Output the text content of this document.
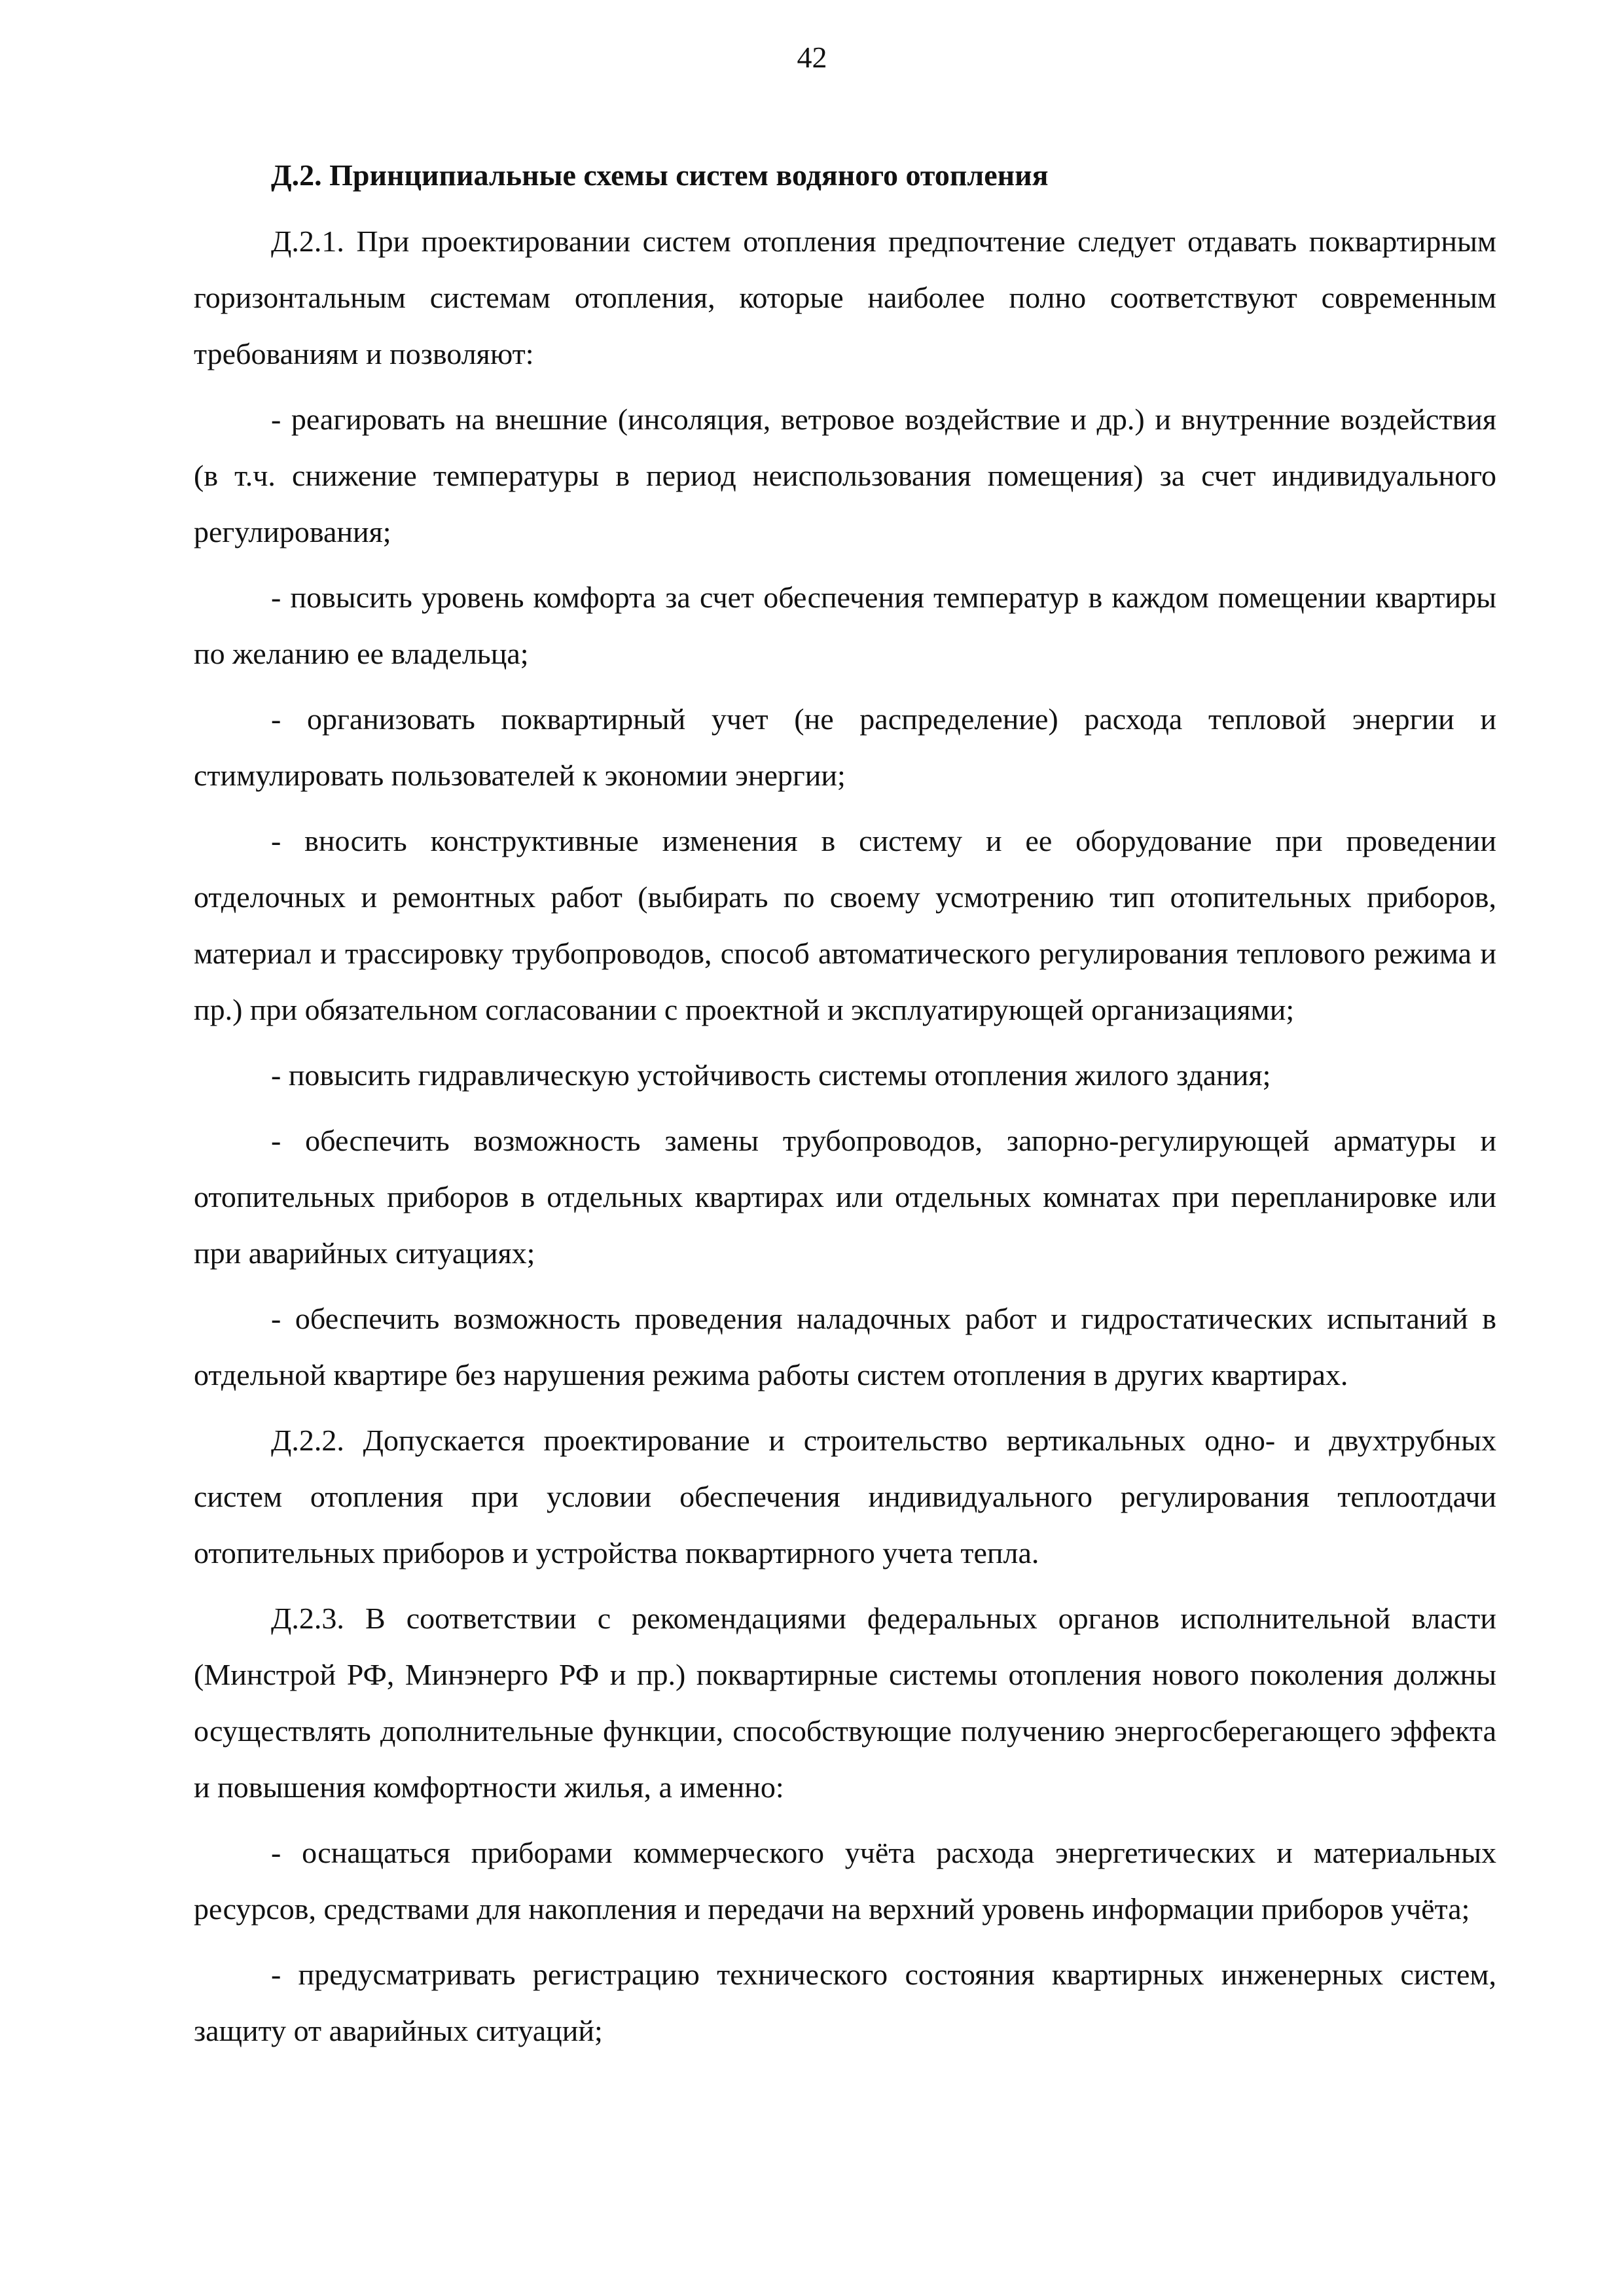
42
Д.2. Принципиальные схемы систем водяного отопления

Д.2.1. При проектировании систем отопления предпочтение следует отдавать поквартирным горизонтальным системам отопления, которые наиболее полно соответствуют современным требованиям и позволяют:

- реагировать на внешние (инсоляция, ветровое воздействие и др.) и внутренние воздействия (в т.ч. снижение температуры в период неиспользования помещения) за счет индивидуального регулирования;

- повысить уровень комфорта за счет обеспечения температур в каждом помещении квартиры по желанию ее владельца;

- организовать поквартирный учет (не распределение) расхода тепловой энергии и стимулировать пользователей к экономии энергии;

- вносить конструктивные изменения в систему и ее оборудование при проведении отделочных и ремонтных работ (выбирать по своему усмотрению тип отопительных приборов, материал и трассировку трубопроводов, способ автоматического регулирования теплового режима и пр.) при обязательном согласовании с проектной и эксплуатирующей организациями;

- повысить гидравлическую устойчивость системы отопления жилого здания;

- обеспечить возможность замены трубопроводов, запорно-регулирующей арматуры и отопительных приборов в отдельных квартирах или отдельных комнатах при перепланировке или при аварийных ситуациях;

- обеспечить возможность проведения наладочных работ и гидростатических испытаний в отдельной квартире без нарушения режима работы систем отопления в других квартирах.

Д.2.2. Допускается проектирование и строительство вертикальных одно- и двухтрубных систем отопления при условии обеспечения индивидуального регулирования теплоотдачи отопительных приборов и устройства поквартирного учета тепла.

Д.2.3. В соответствии с рекомендациями федеральных органов исполнительной власти (Минстрой РФ, Минэнерго РФ и пр.) поквартирные системы отопления нового поколения должны осуществлять дополнительные функции, способствующие получению энергосберегающего эффекта и повышения комфортности жилья, а именно:

- оснащаться приборами коммерческого учёта расхода энергетических и материальных ресурсов, средствами для накопления и передачи на верхний уровень информации приборов учёта;

- предусматривать регистрацию технического состояния квартирных инженерных систем, защиту от аварийных ситуаций;
